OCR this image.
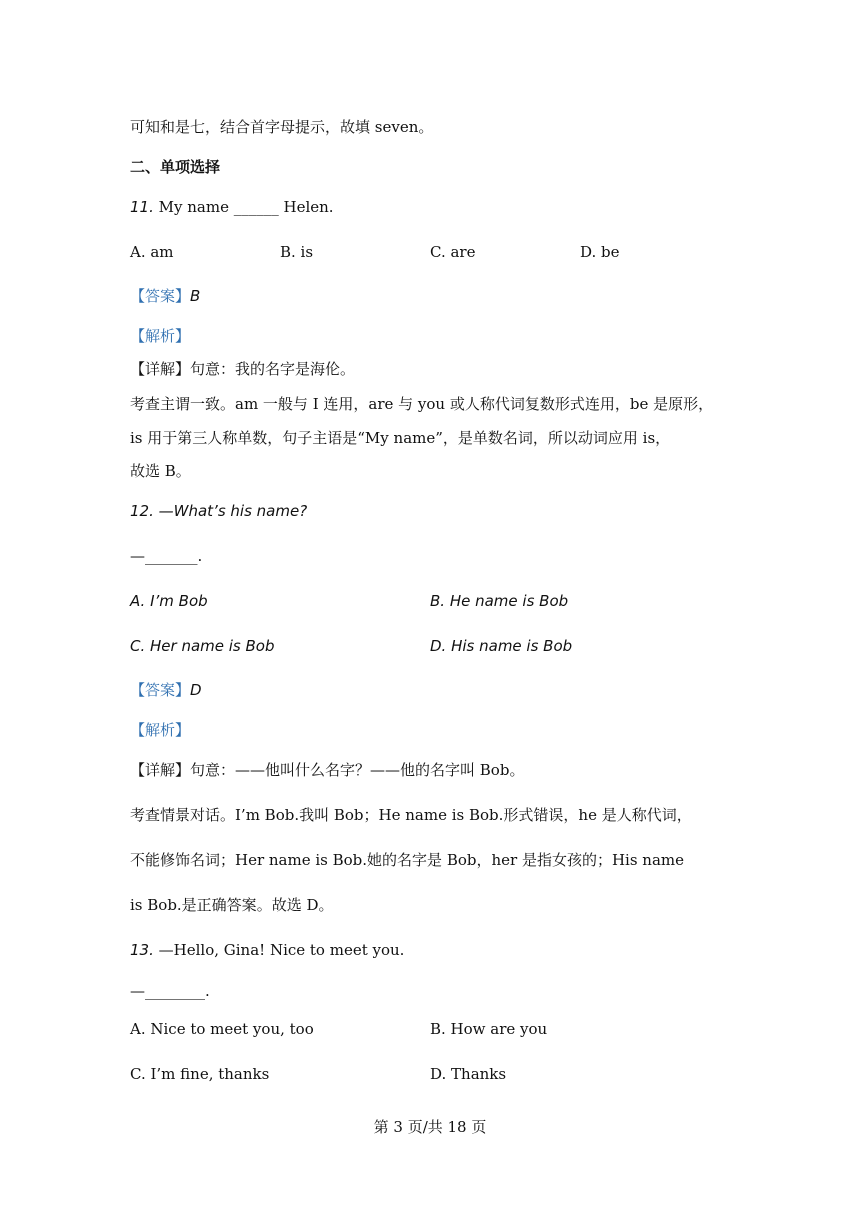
可知和是七，结合首字母提示，故填 seven。
二、单项选择
11. My name ______ Helen.
A. am	B. is	C. are	D. be
【答案】B
【解析】
【详解】句意：我的名字是海伦。
考查主谓一致。am 一般与 I 连用，are 与 you 或人称代词复数形式连用，be 是原形，
is 用于第三人称单数，句子主语是“My name”，是单数名词，所以动词应用 is，
故选 B。
12. —What’s his name?
—_______.
A. I’m Bob	B. He name is Bob
C. Her name is Bob	D. His name is Bob
【答案】D
【解析】
【详解】句意：——他叫什么名字？——他的名字叫 Bob。
考查情景对话。I’m Bob.我叫 Bob；He name is Bob.形式错误，he 是人称代词，
不能修饰名词；Her name is Bob.她的名字是 Bob，her 是指女孩的；His name
is Bob.是正确答案。故选 D。
13. —Hello, Gina! Nice to meet you.
—________.
A. Nice to meet you, too	B. How are you
C. I’m fine, thanks	D. Thanks
第 3 页/共 18 页
